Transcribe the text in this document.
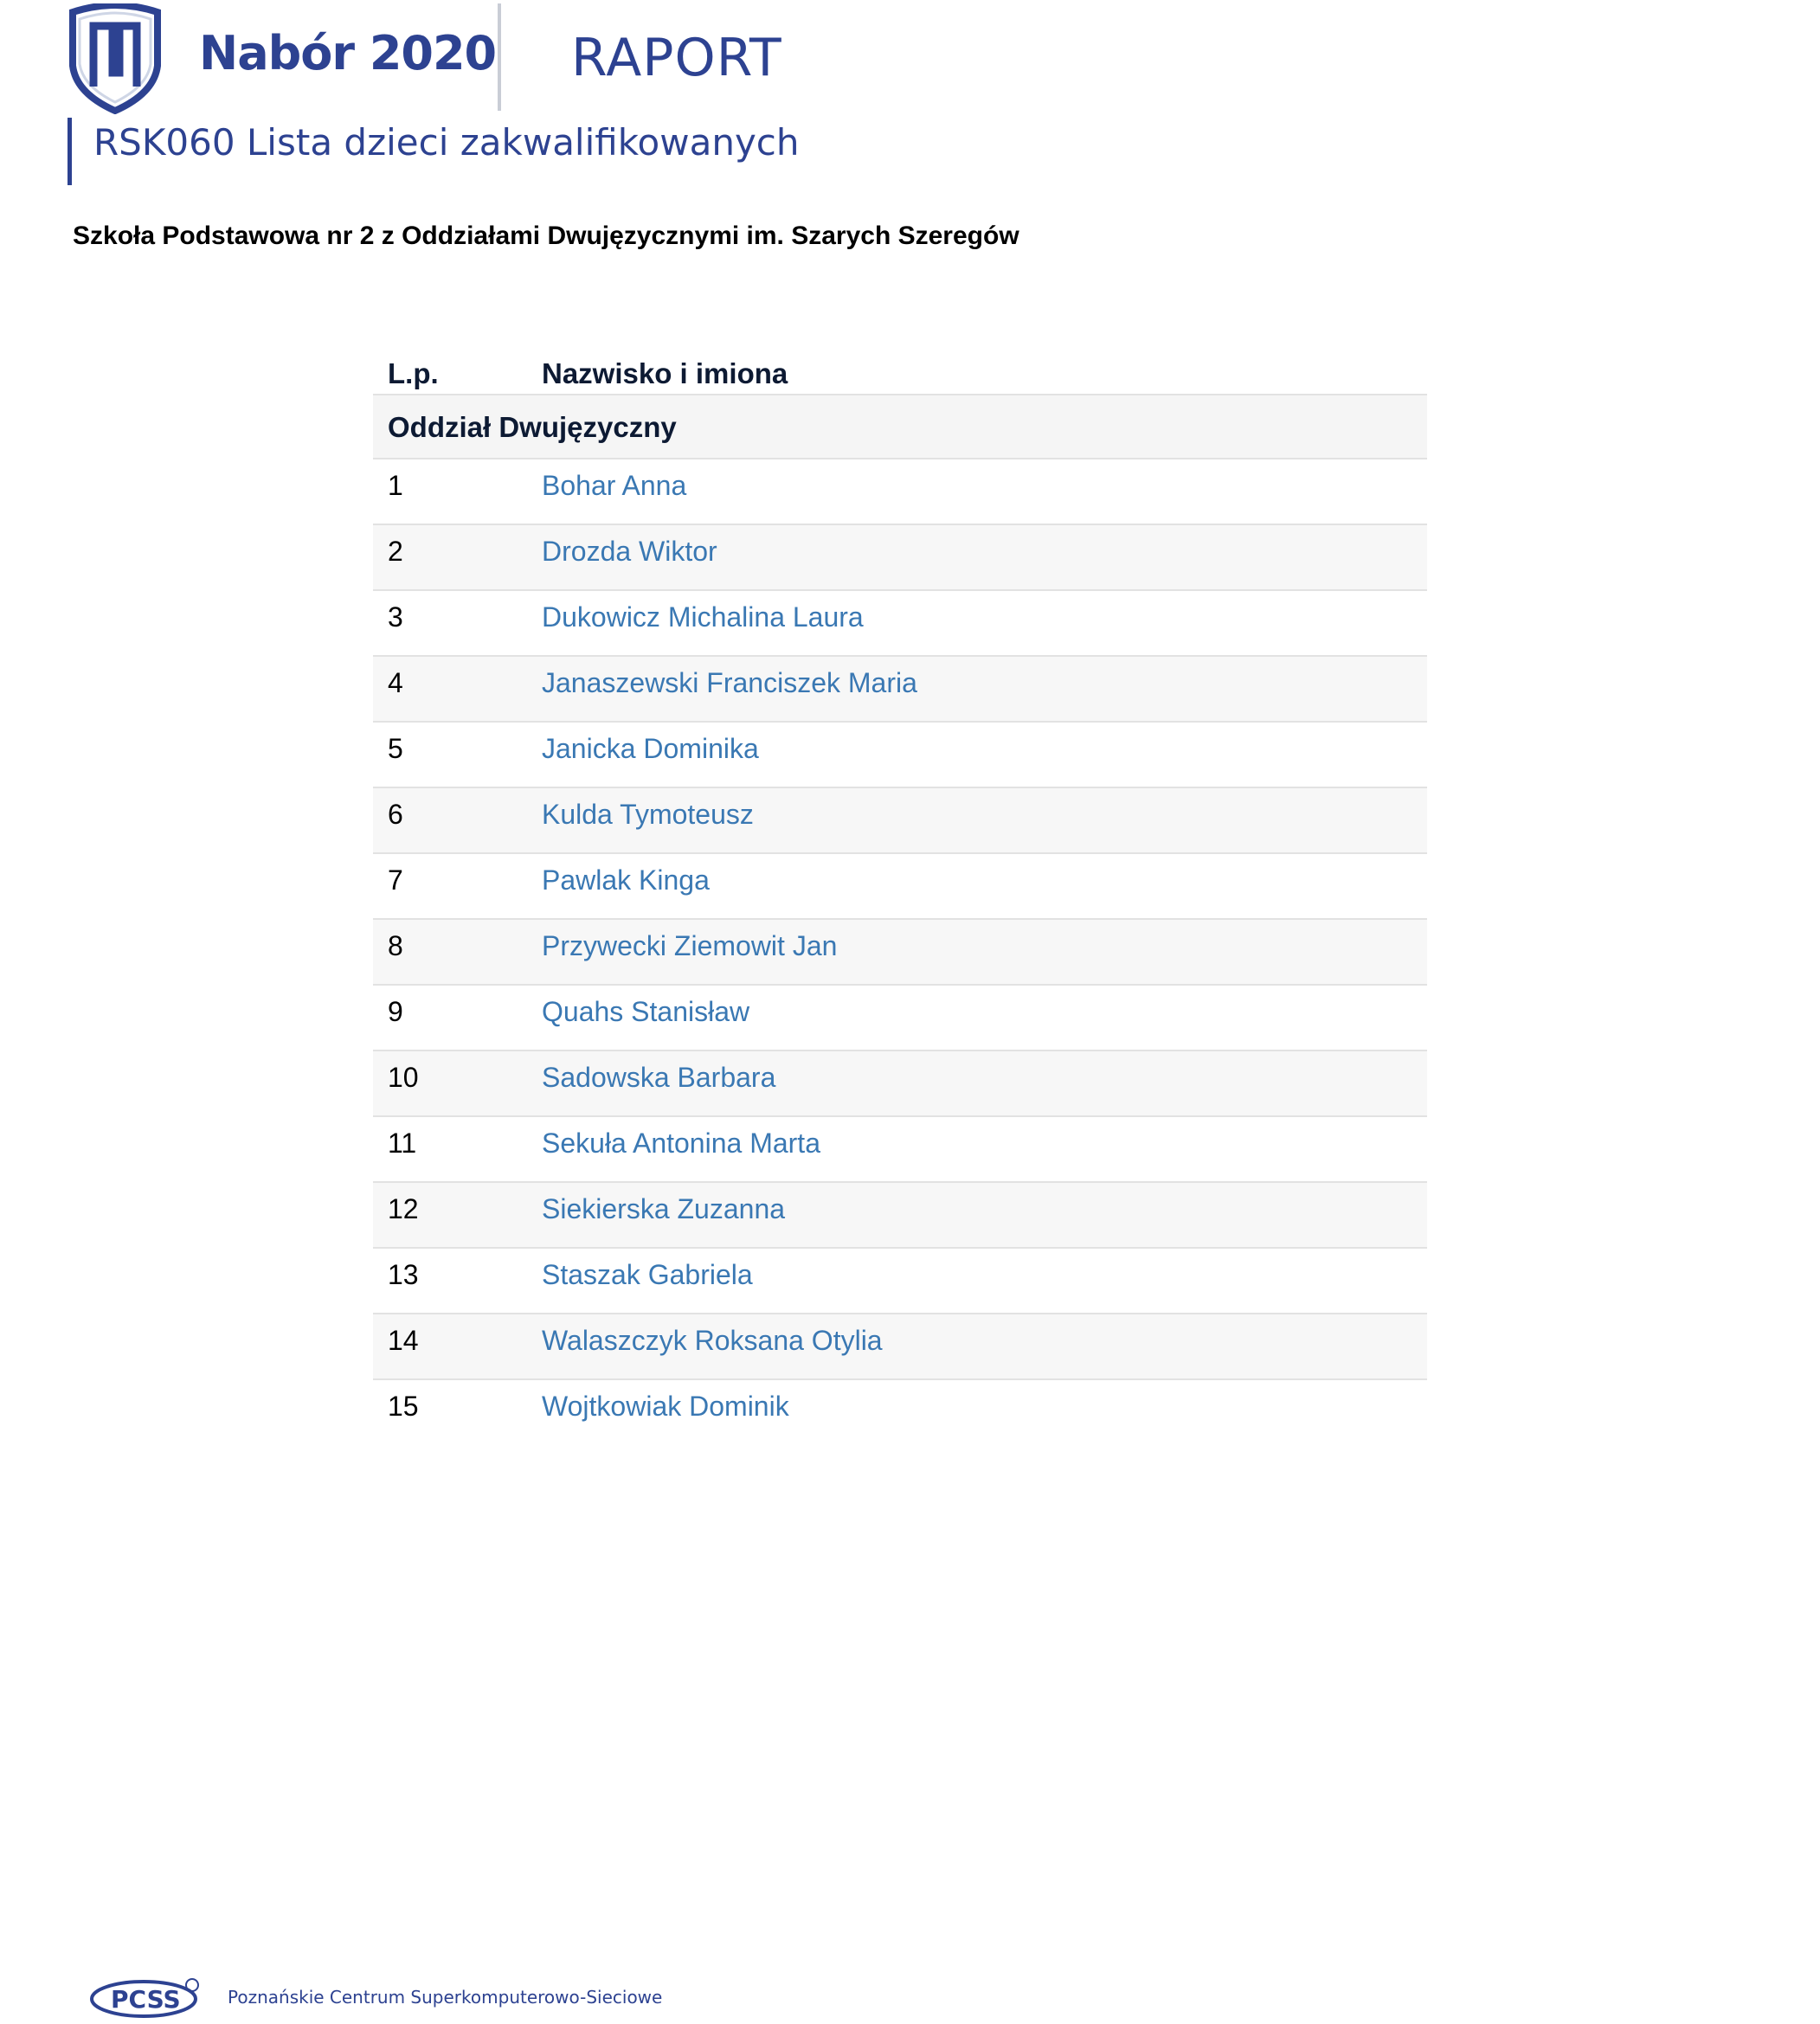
Nabór 2020 RAPORT
RSK060 Lista dzieci zakwalifikowanych
Szkoła Podstawowa nr 2 z Oddziałami Dwujęzycznymi im. Szarych Szeregów
L.p.	Nazwisko i imiona
Oddział Dwujęzyczny
1	Bohar Anna
2	Drozda Wiktor
3	Dukowicz Michalina Laura
4	Janaszewski Franciszek Maria
5	Janicka Dominika
6	Kulda Tymoteusz
7	Pawlak Kinga
8	Przywecki Ziemowit Jan
9	Quahs Stanisław
10	Sadowska Barbara
11	Sekuła Antonina Marta
12	Siekierska Zuzanna
13	Staszak Gabriela
14	Walaszczyk Roksana Otylia
15	Wojtkowiak Dominik
PCSS	Poznańskie Centrum Superkomputerowo-Sieciowe
